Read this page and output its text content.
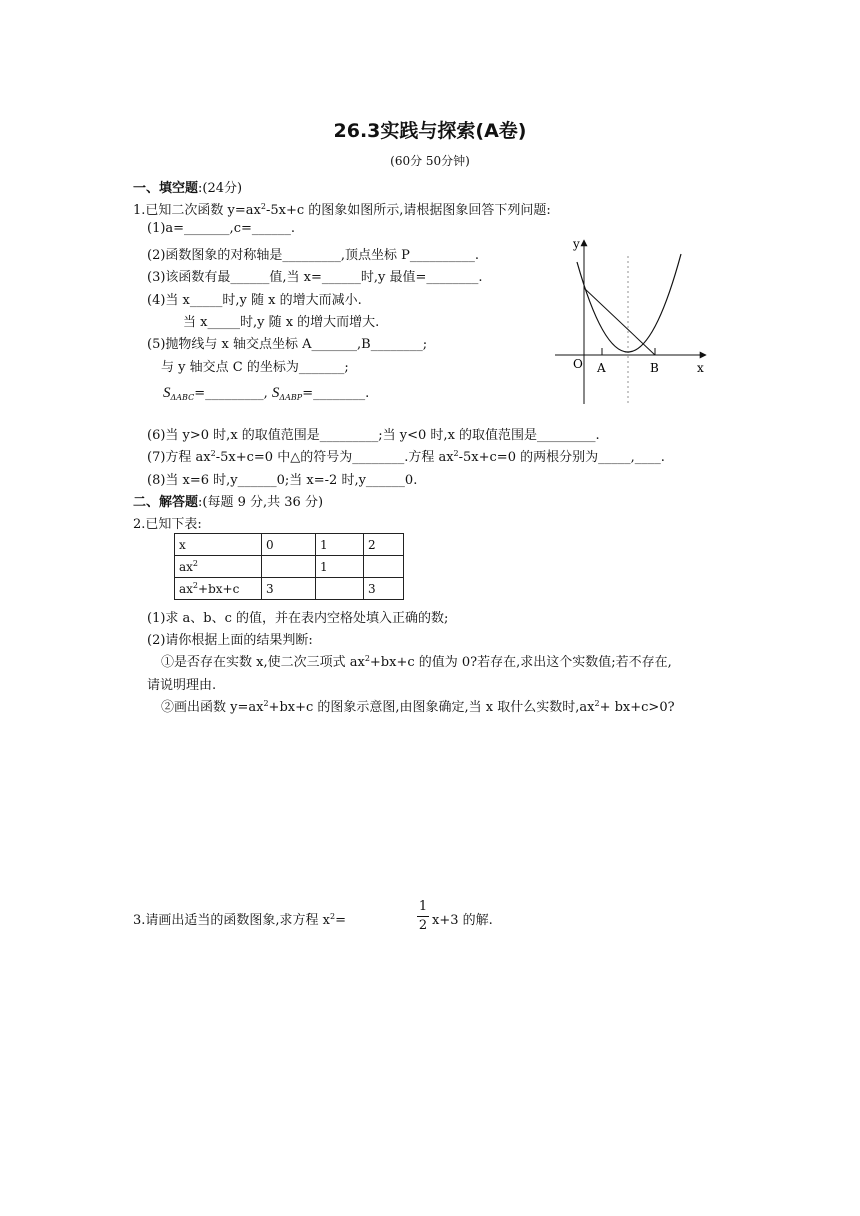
26.3实践与探索(A卷)
(60分 50分钟)
一、填空题:(24分)
1.已知二次函数 $y=ax^2-5x+c$ 的图象如图所示,请根据图象回答下列问题:
(1)a=_______,c=______.
(2)函数图象的对称轴是_________,顶点坐标 P__________.
(3)该函数有最______值,当 x=______时,y 最值=________.
(4)当 x_____时,y 随 x 的增大而减小.
当 x_____时,y 随 x 的增大而增大.
(5)抛物线与 x 轴交点坐标 A_______,B________;
与 y 轴交点 C 的坐标为_______;
$S_{\Delta ABC}=\_\_\_\_\_\_\_\_\_$, $S_{\Delta ABP}=\_\_\_\_\_\_\_\_$.
(6)当 y>0 时,x 的取值范围是_________;当 y<0 时,x 的取值范围是_________.
(7)方程 $ax^2-5x+c=0$ 中△的符号为________.方程 $ax^2-5x+c=0$ 的两根分别为_____,____.
(8)当 x=6 时,y______0;当 x=-2 时,y______0.
y
x
O A	B
二、解答题:(每题 9 分,共 36 分)
2.已知下表:
x	0	1	2
$ax^2$		1	
$ax^2+bx+c$	3		3
(1)求 a、b、c 的值，并在表内空格处填入正确的数;
(2)请你根据上面的结果判断:
①是否存在实数 x,使二次三项式 $ax^2+bx+c$ 的值为 0?若存在,求出这个实数值;若不存在,
请说明理由.
②画出函数 $y=ax^2+bx+c$ 的图象示意图,由图象确定,当 x 取什么实数时$,ax^2+ bx+c>0$?
3.请画出适当的函数图象,求方程 $x^2=$
1
2 x+3 的解.
